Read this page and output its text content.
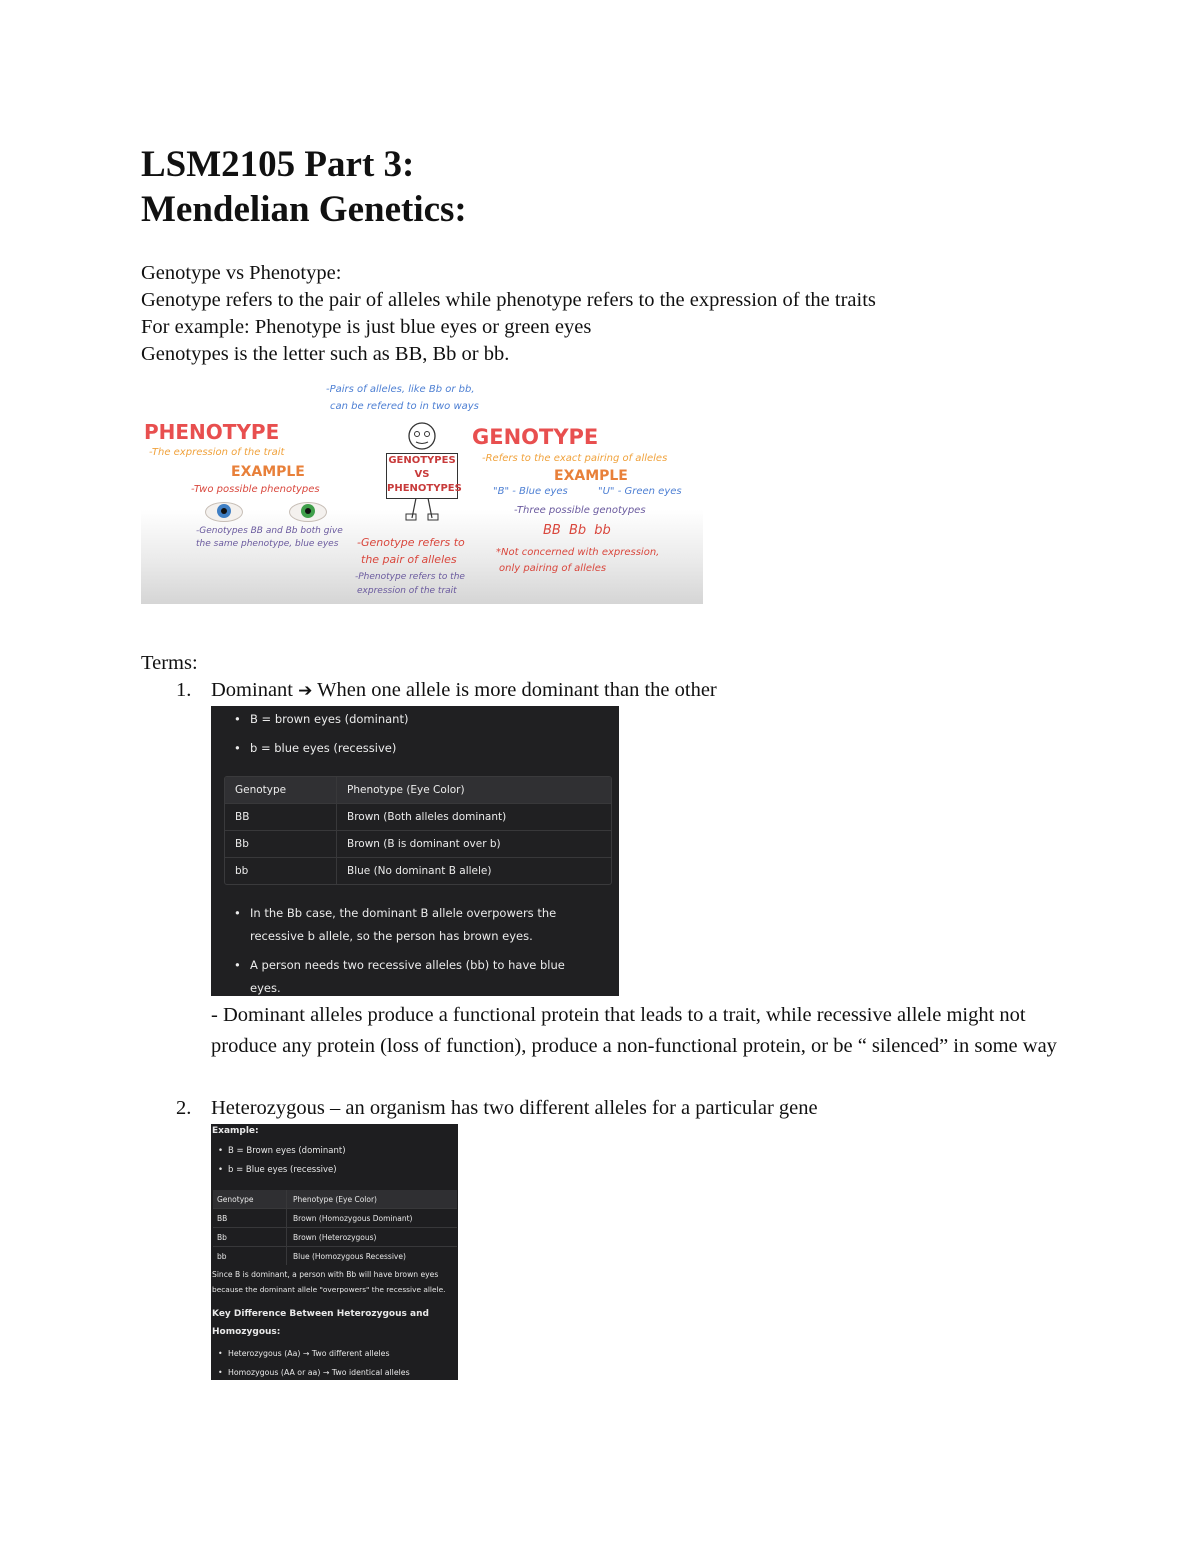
LSM2105 Part 3:
Mendelian Genetics:
Genotype vs Phenotype:
Genotype refers to the pair of alleles while phenotype refers to the expression of the traits
For example: Phenotype is just blue eyes or green eyes
Genotypes is the letter such as BB, Bb or bb.
-Pairs of alleles, like Bb or bb,
can be refered to in two ways
PHENOTYPE
-The expression of the trait
EXAMPLE
-Two possible phenotypes
-Genotypes BB and Bb both give
the same phenotype, blue eyes
GENOTYPES
VS
PHENOTYPES
-Genotype refers to
the pair of alleles
-Phenotype refers to the
expression of the trait
GENOTYPE
-Refers to the exact pairing of alleles
EXAMPLE
"B" - Blue eyes	"U" - Green eyes
-Three possible genotypes
BB Bb bb
*Not concerned with expression,
only pairing of alleles
Terms:
1. Dominant ➔ When one allele is more dominant than the other
• B = brown eyes (dominant)
• b = blue eyes (recessive)
Genotype	Phenotype (Eye Color)
BB	Brown (Both alleles dominant)
Bb	Brown (B is dominant over b)
bb	Blue (No dominant B allele)
• In the Bb case, the dominant B allele overpowers the
recessive b allele, so the person has brown eyes.
• A person needs two recessive alleles (bb) to have blue
eyes.
- Dominant alleles produce a functional protein that leads to a trait, while recessive allele might not produce any protein (loss of function), produce a non-functional protein, or be “ silenced” in some way
2. Heterozygous – an organism has two different alleles for a particular gene
Example:
• B = Brown eyes (dominant)
• b = Blue eyes (recessive)
Genotype	Phenotype (Eye Color)
BB	Brown (Homozygous Dominant)
Bb	Brown (Heterozygous)
bb	Blue (Homozygous Recessive)
Since B is dominant, a person with Bb will have brown eyes
because the dominant allele "overpowers" the recessive allele.
Key Difference Between Heterozygous and
Homozygous:
• Heterozygous (Aa) → Two different alleles
• Homozygous (AA or aa) → Two identical alleles
